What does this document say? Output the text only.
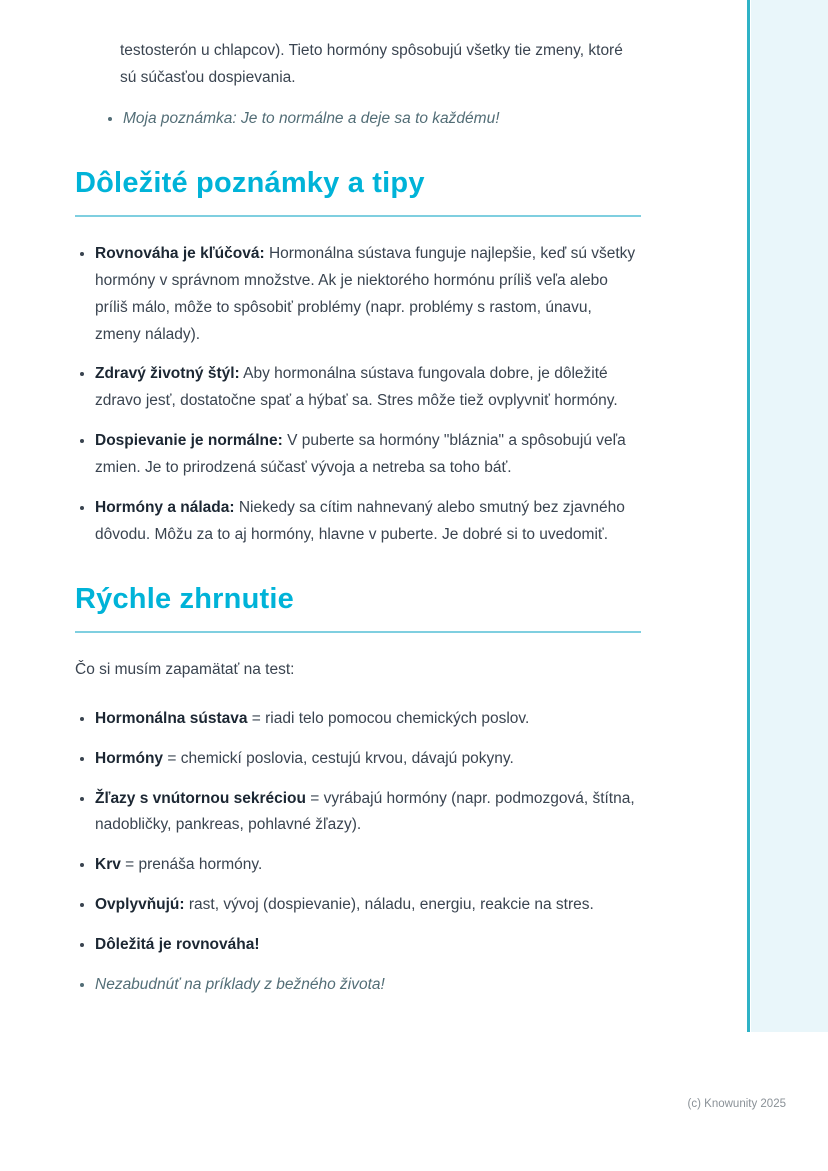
testosterón u chlapcov). Tieto hormóny spôsobujú všetky tie zmeny, ktoré sú súčasťou dospievania.

• Moja poznámka: Je to normálne a deje sa to každému!
Dôležité poznámky a tipy
• Rovnováha je kľúčová: Hormonálna sústava funguje najlepšie, keď sú všetky hormóny v správnom množstve. Ak je niektorého hormónu príliš veľa alebo príliš málo, môže to spôsobiť problémy (napr. problémy s rastom, únavu, zmeny nálady).
• Zdravý životný štýl: Aby hormonálna sústava fungovala dobre, je dôležité zdravo jesť, dostatočne spať a hýbať sa. Stres môže tiež ovplyvniť hormóny.
• Dospievanie je normálne: V puberte sa hormóny "bláznia" a spôsobujú veľa zmien. Je to prirodzená súčasť vývoja a netreba sa toho báť.
• Hormóny a nálada: Niekedy sa cítim nahnevaný alebo smutný bez zjavného dôvodu. Môžu za to aj hormóny, hlavne v puberte. Je dobré si to uvedomiť.
Rýchle zhrnutie

Čo si musím zapamätať na test:

• Hormonálna sústava = riadi telo pomocou chemických poslov.
• Hormóny = chemickí poslovia, cestujú krvou, dávajú pokyny.
• Žľazy s vnútornou sekréciou = vyrábajú hormóny (napr. podmozgová, štítna, nadobličky, pankreas, pohlavné žľazy).
• Krv = prenáša hormóny.
• Ovplyvňujú: rast, vývoj (dospievanie), náladu, energiu, reakcie na stres.
• Dôležitá je rovnováha!
• Nezabudnúť na príklady z bežného života!
(c) Knowunity 2025
